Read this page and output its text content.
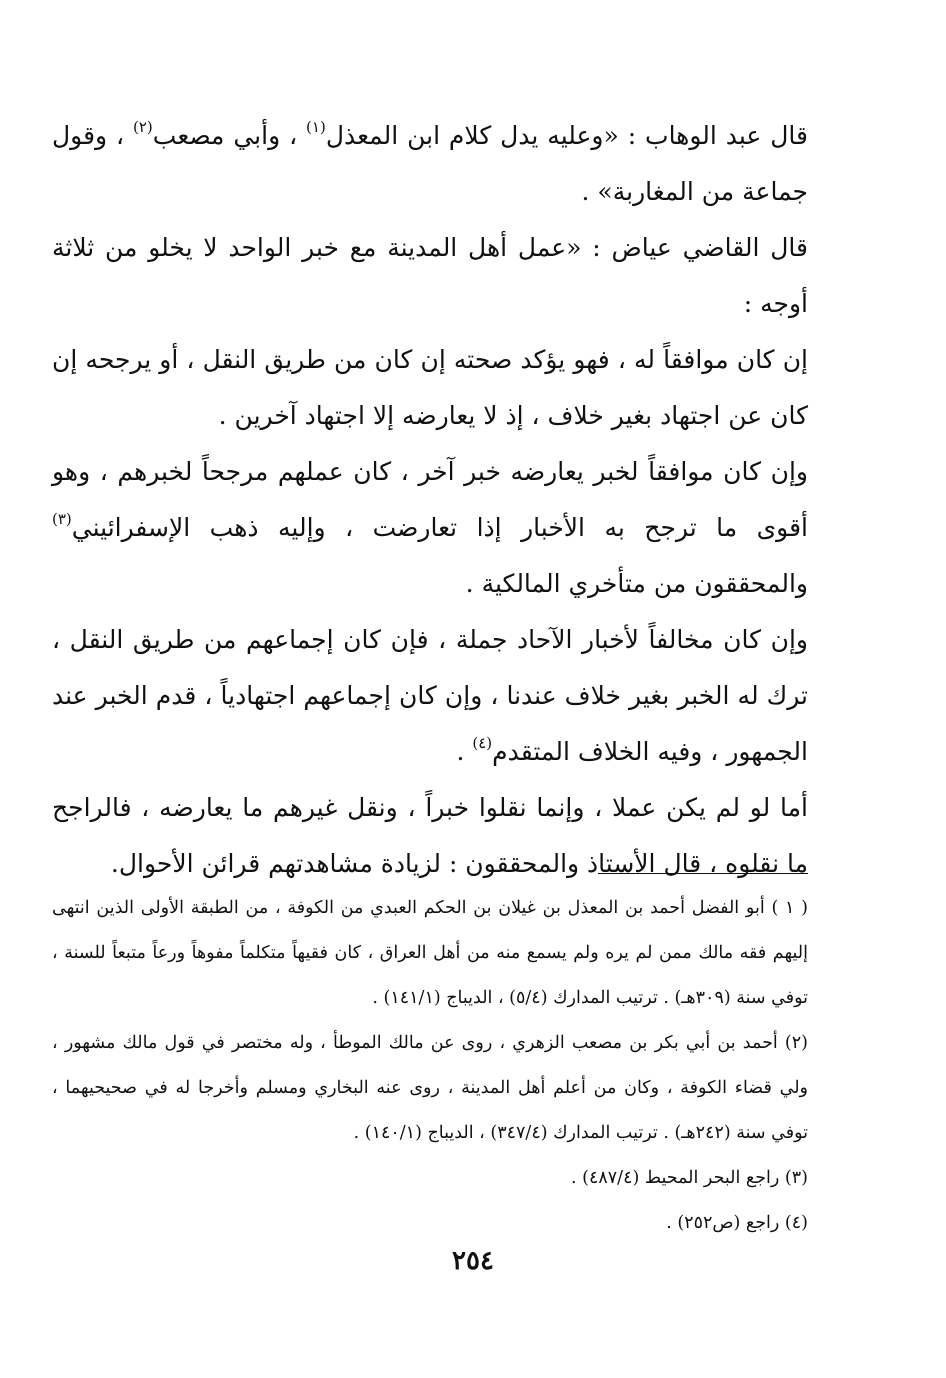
قال عبد الوهاب : «وعليه يدل كلام ابن المعذل$^{(١)}$ ، وأبي مصعب$^{(٢)}$ ، وقول جماعة من المغاربة» .

قال القاضي عياض : «عمل أهل المدينة مع خبر الواحد لا يخلو من ثلاثة أوجه :

إن كان موافقاً له ، فهو يؤكد صحته إن كان من طريق النقل ، أو يرجحه إن كان عن اجتهاد بغير خلاف ، إذ لا يعارضه إلا اجتهاد آخرين .

وإن كان موافقاً لخبر يعارضه خبر آخر ، كان عملهم مرجحاً لخبرهم ، وهو أقوى ما ترجح به الأخبار إذا تعارضت ، وإليه ذهب الإسفرائيني$^{(٣)}$ والمحققون من متأخري المالكية .

وإن كان مخالفاً لأخبار الآحاد جملة ، فإن كان إجماعهم من طريق النقل ، ترك له الخبر بغير خلاف عندنا ، وإن كان إجماعهم اجتهادياً ، قدم الخبر عند الجمهور ، وفيه الخلاف المتقدم$^{(٤)}$ .

أما لو لم يكن عملا ، وإنما نقلوا خبراً ، ونقل غيرهم ما يعارضه ، فالراجح ما نقلوه ، قال الأستاذ والمحققون : لزيادة مشاهدتهم قرائن الأحوال.

( ١ ) أبو الفضل أحمد بن المعذل بن غيلان بن الحكم العبدي من الكوفة ، من الطبقة الأولى الذين انتهى إليهم فقه مالك ممن لم يره ولم يسمع منه من أهل العراق ، كان فقيهاً متكلماً مفوهاً ورعاً متبعاً للسنة ، توفي سنة (٣٠٩هـ) . ترتيب المدارك (٥/٤) ، الديباج (١٤١/١) .

(٢) أحمد بن أبي بكر بن مصعب الزهري ، روى عن مالك الموطأ ، وله مختصر في قول مالك مشهور ، ولي قضاء الكوفة ، وكان من أعلم أهل المدينة ، روى عنه البخاري ومسلم وأخرجا له في صحيحيهما ، توفي سنة (٢٤٢هـ) . ترتيب المدارك (٣٤٧/٤) ، الديباج (١٤٠/١) .

(٣) راجع البحر المحيط (٤٨٧/٤) .

(٤) راجع (ص٢٥٢) .

٢٥٤
